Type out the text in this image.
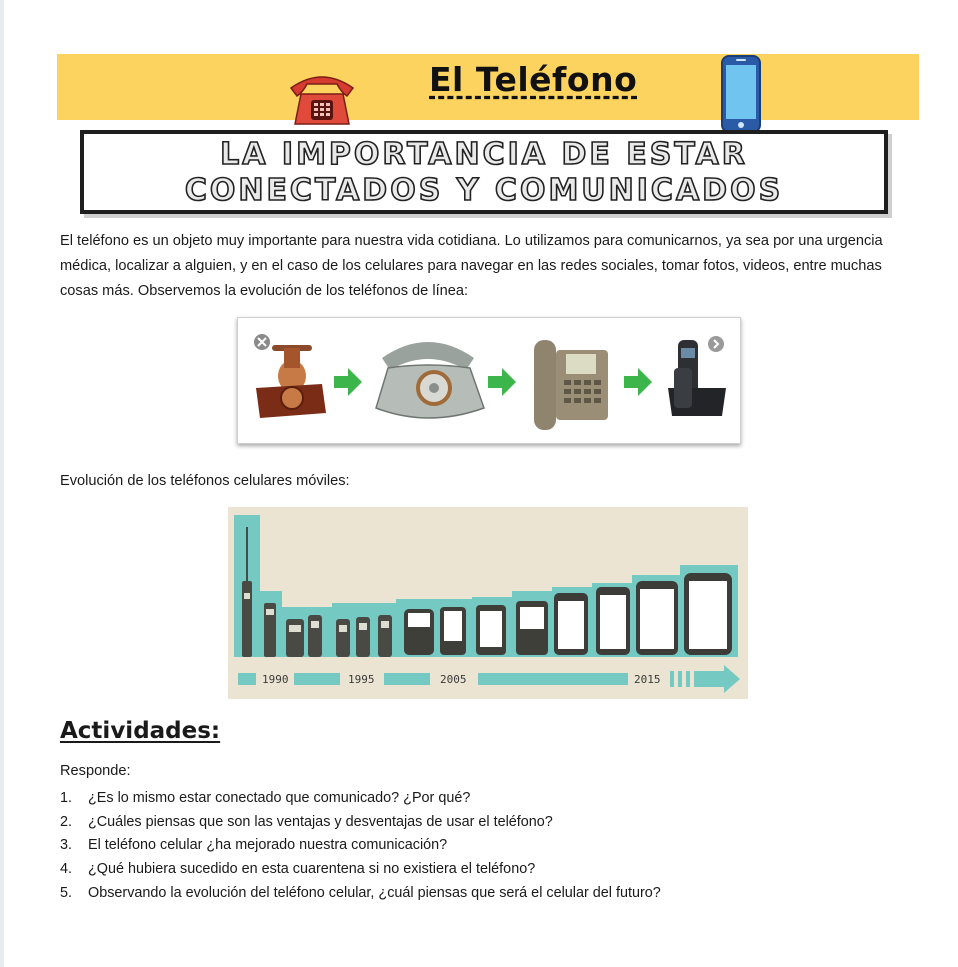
El Teléfono
LA IMPORTANCIA DE ESTAR
CONECTADOS Y COMUNICADOS
El teléfono es un objeto muy importante para nuestra vida cotidiana. Lo utilizamos para comunicarnos, ya sea por una urgencia médica, localizar a alguien, y en el caso de los celulares para navegar en las redes sociales, tomar fotos, videos, entre muchas cosas más. Observemos la evolución de los teléfonos de línea:
Evolución de los teléfonos celulares móviles:
1990	1995	2005	2015
Actividades:
Responde:
1.	¿Es lo mismo estar conectado que comunicado? ¿Por qué?
2.	¿Cuáles piensas que son las ventajas y desventajas de usar el teléfono?
3.	El teléfono celular ¿ha mejorado nuestra comunicación?
4.	¿Qué hubiera sucedido en esta cuarentena si no existiera el teléfono?
5.	Observando la evolución del teléfono celular, ¿cuál piensas que será el celular del futuro?
